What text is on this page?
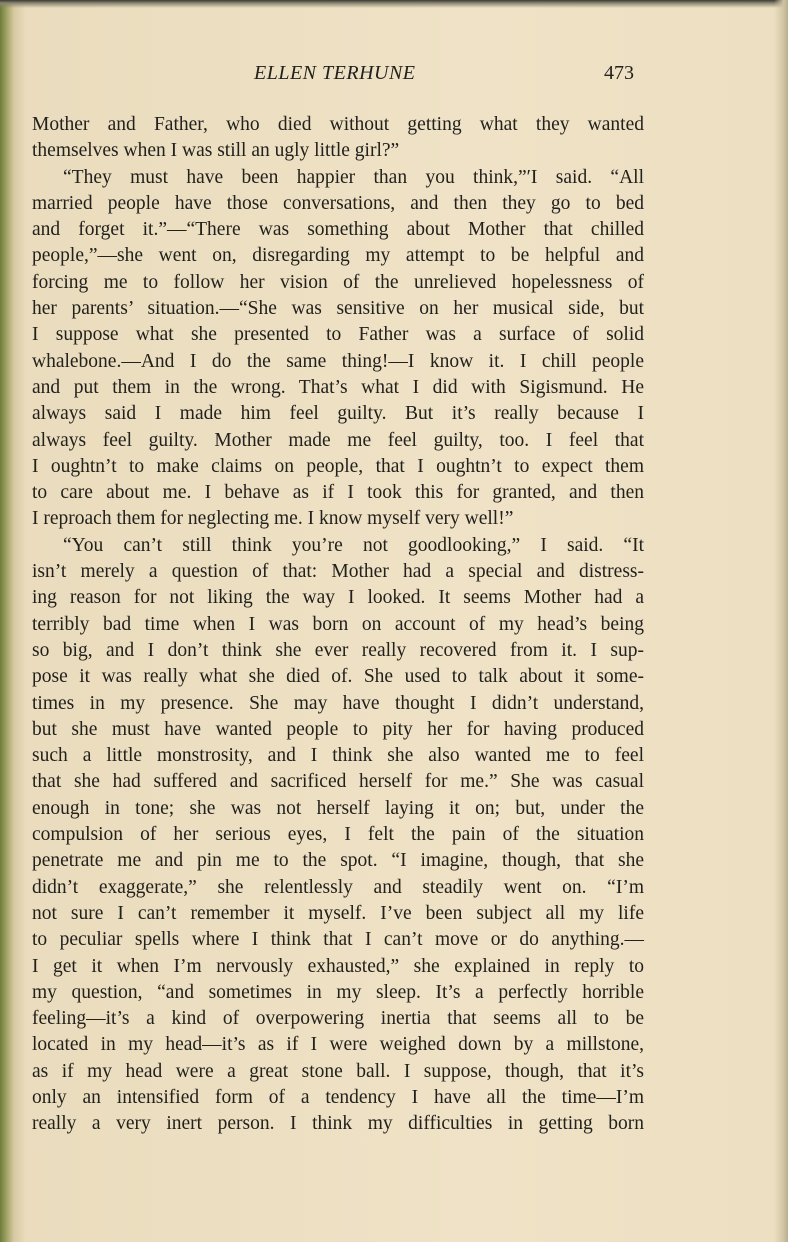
ELLEN TERHUNE	473
Mother and Father, who died without getting what they wanted
themselves when I was still an ugly little girl?”
“They must have been happier than you think,”′I said. “All
married people have those conversations, and then they go to bed
and forget it.”—“There was something about Mother that chilled
people,”—she went on, disregarding my attempt to be helpful and
forcing me to follow her vision of the unrelieved hopelessness of
her parents’ situation.—“She was sensitive on her musical side, but
I suppose what she presented to Father was a surface of solid
whalebone.—And I do the same thing!—I know it. I chill people
and put them in the wrong. That’s what I did with Sigismund. He
always said I made him feel guilty. But it’s really because I
always feel guilty. Mother made me feel guilty, too. I feel that
I oughtn’t to make claims on people, that I oughtn’t to expect them
to care about me. I behave as if I took this for granted, and then
I reproach them for neglecting me. I know myself very well!”
“You can’t still think you’re not goodlooking,” I said. “It
isn’t merely a question of that: Mother had a special and distress-
ing reason for not liking the way I looked. It seems Mother had a
terribly bad time when I was born on account of my head’s being
so big, and I don’t think she ever really recovered from it. I sup-
pose it was really what she died of. She used to talk about it some-
times in my presence. She may have thought I didn’t understand,
but she must have wanted people to pity her for having produced
such a little monstrosity, and I think she also wanted me to feel
that she had suffered and sacrificed herself for me.” She was casual
enough in tone; she was not herself laying it on; but, under the
compulsion of her serious eyes, I felt the pain of the situation
penetrate me and pin me to the spot. “I imagine, though, that she
didn’t exaggerate,” she relentlessly and steadily went on. “I’m
not sure I can’t remember it myself. I’ve been subject all my life
to peculiar spells where I think that I can’t move or do anything.—
I get it when I’m nervously exhausted,” she explained in reply to
my question, “and sometimes in my sleep. It’s a perfectly horrible
feeling—it’s a kind of overpowering inertia that seems all to be
located in my head—it’s as if I were weighed down by a millstone,
as if my head were a great stone ball. I suppose, though, that it’s
only an intensified form of a tendency I have all the time—I’m
really a very inert person. I think my difficulties in getting born
